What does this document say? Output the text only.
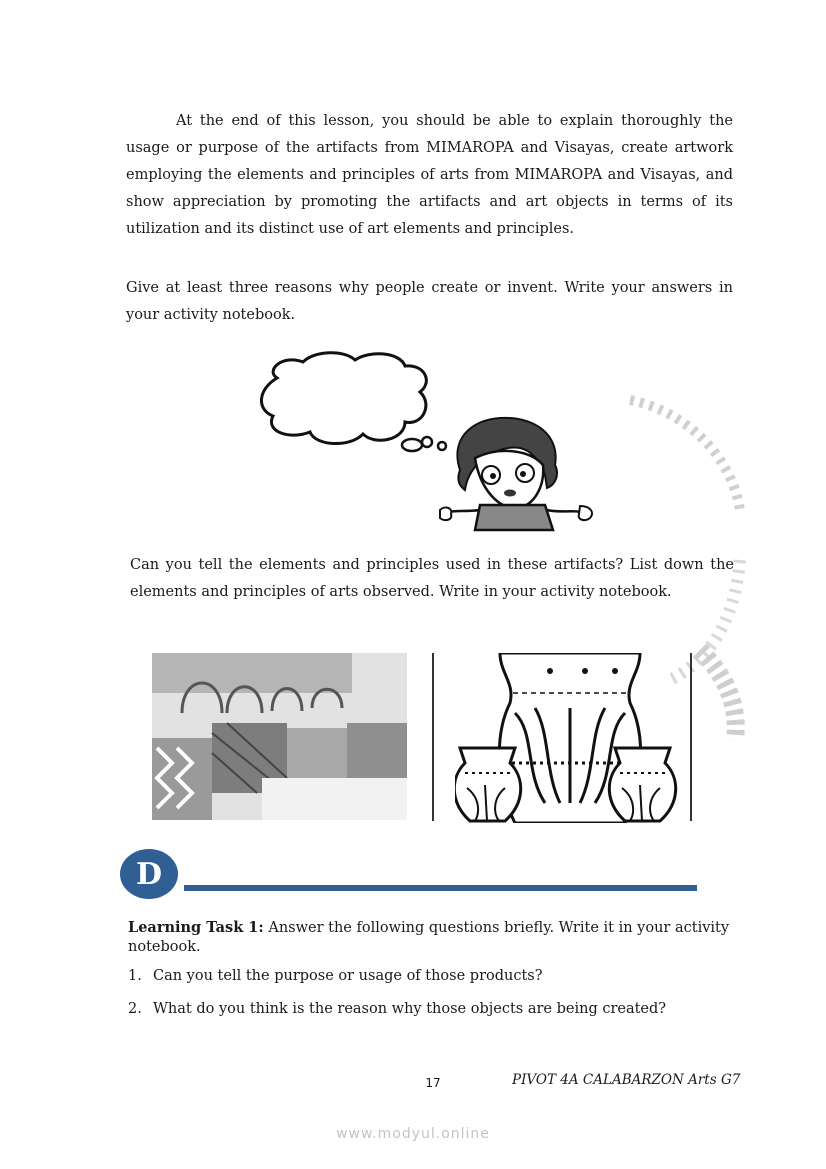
At the end of this lesson, you should be able to explain thoroughly the usage or purpose of the artifacts from MIMAROPA and Visayas, create artwork employing the elements and principles of arts from MIMAROPA and Visayas, and show appreciation by promoting the artifacts and art objects in terms of its utilization and its distinct use of art elements and principles.

Give at least three reasons why people create or invent. Write your answers in your activity notebook.

Can you tell the elements and principles used in these artifacts? List down the elements and principles of arts observed. Write in your activity notebook.

D

Learning Task 1: Answer the following questions briefly. Write it in your activity notebook.

1. Can you tell the purpose or usage of those products?
2. What do you think is the reason why those objects are being created?
17	PIVOT 4A CALABARZON Arts G7
www.modyul.online
